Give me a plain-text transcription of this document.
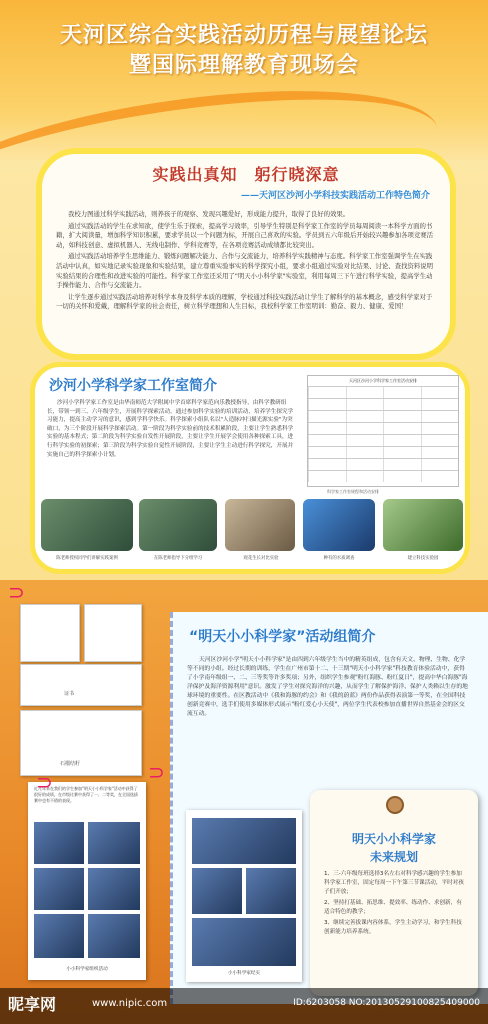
天河区综合实践活动历程与展望论坛
暨国际理解教育现场会
实践出真知　躬行晓深意
——天河区沙河小学科技实践活动工作特色简介

我校力图通过科学实践活动，则养孩子的观察、发现兴趣爱好，形成能力提升，取得了良好的效果。

通过实践活动的学生在求知欲，使学生乐于探索，提高学习效率，引导学生特别是科学家工作室的学员每周阅读一本科学方面的书籍，扩大阅读量，增加科学知识积累，要求学员以一个问题为标，开展自己喜欢的实验。学员到五六年级后开始较兴趣参加各项竞赛活动，如科技创意、虚拟机器人、无线电制作、学科竞赛等，在各项竞赛活动成绩都比较突出。

通过实践活动培养学生思维能力、锻炼问题解决能力、合作与交流能力，培养科学实践精神与态度。科学家工作室强调学生在实践活动中认真，如实地记录实验现象和实验结果，建立尊重实验事实的科学探究小组，要求小组通过实验对比结果、讨论、查找资料说明实验结果的合理性和改进实验的可能性。科学家工作室还采用了"明天小小科学家"实验室，利用每周三下午进行科学实验，提高学生动手操作能力、合作与交流能力。

让学生逐步通过实践活动培养对科学本身及科学本质的理解，学校通过科技实践活动让学生了解科学的基本概念，感受科学家对于一切的关怀和爱戴，理解科学家的社会责任，树立科学理想和人生目标，我校科学家工作室明训：勤奋、毅力、健康、爱国！

沙河小学科学家工作室简介
沙河小学科学家工作室是由华南师范大学附属中学首席科学家范向乐教授指导，由科学教研组长，带领一到三、六年级学生，开展科学探索活动。通过参加科学实验的培训活动，培养学生探究学习能力，提高主动学习的意识，感到学科学快乐。科学探索小组队名以"人造脉冲扫描光源实验"为突破口，为三个阶段开展科学探索活动。第一阶段为科学实验前的技术积累阶段，主要让学生熟悉科学实验的基本程式；第二阶段为科学实验自发性开展阶段，主要让学生开展学会使用各种探索工具，进行科学实验的初探索；第三阶段为科学实验自觉性开展阶段，主要让学生主动进行科学探究，开展并实施自己的科学探索小计划。
天河区沙河小学科学家工作室活动安排
科学家工作室规程和活动安排
陈老师授权同学们讲解实践案例	在陈老师指导下分组学习	观花生长对比实验	种有的水质调查	建立科技实验园
“明天小小科学家”活动组简介
天河区沙河小学"明天小小科学家"是由四到六年级学生当中的精英组成，包含有天文、物理、生物、化学等不同的小组。经过长期的训练，学生在广州市第十二、十三期"明天小小科学家"科技教育体验活动中，获得了小学南年级组一、二、三等奖等许多奖项；另外，组织学生参观"粉红海豚、粉红夏日"，提高中华白海豚"海洋保护及海洋资源利用"意识。激发了学生对探究海洋的兴趣，从而学生了解保护海洋、保护人类赖以生存的地球环境的重要性。在区教活动中《我和海豚的约会》和《我的蔚蓝》两份作品获得表演第一等奖，在全国科技创新竞赛中，选手们使用多媒体形式展示"粉红爱心小天使"，两位学生代表校参加直播世界自然基金会的区交流互动。
证书
石榴结籽
近几年来在我们的学生参加"明天小小科学家"活动中获得了很好的成绩，在市级比赛中获得了一、二等奖，在全国选拔赛中也有不错的表现。
小小科学家组织活动
小小科学家纪实
⊃
⊃
⊃
明天小小科学家
未来规划
1、三-六年级每班选择3名左右对科学感兴趣的学生参加科学家工作室，固定每周一下午第三节课活动，平时对孩子们开放；
2、坚持打基础、拓思维、提效率、练动作、求创新，有适合特色的教学；
3、继续完善拔课内容体系，学生主动学习，和学生科技创新能力培养系统。
昵享网	www.nipic.com	ID:6203058 NO:20130529100825409000
